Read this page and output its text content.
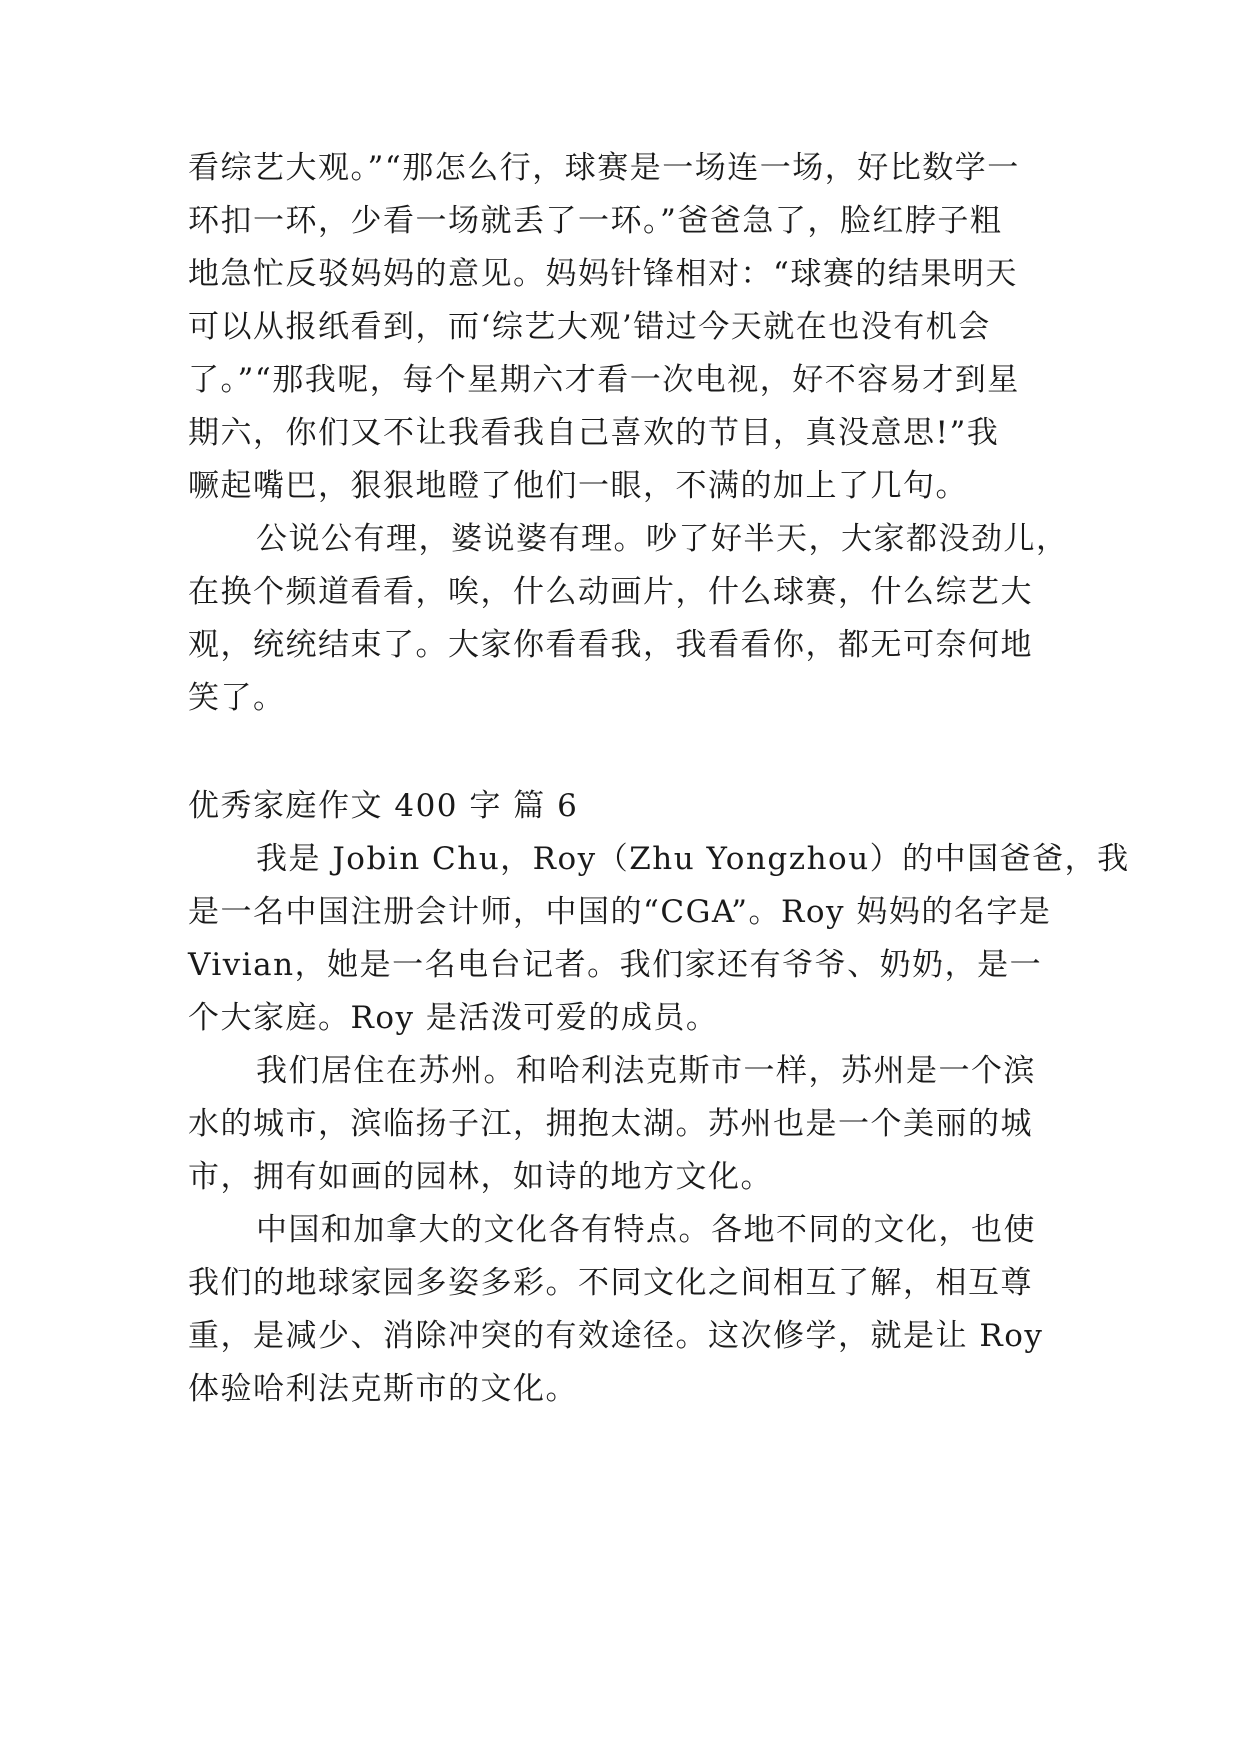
看综艺大观。”“那怎么行，球赛是一场连一场，好比数学一
环扣一环，少看一场就丢了一环。”爸爸急了，脸红脖子粗
地急忙反驳妈妈的意见。妈妈针锋相对：“球赛的结果明天
可以从报纸看到，而‘综艺大观’错过今天就在也没有机会
了。”“那我呢，每个星期六才看一次电视，好不容易才到星
期六，你们又不让我看我自己喜欢的节目，真没意思!”我
噘起嘴巴，狠狠地瞪了他们一眼，不满的加上了几句。
公说公有理，婆说婆有理。吵了好半天，大家都没劲儿，
在换个频道看看，唉，什么动画片，什么球赛，什么综艺大
观，统统结束了。大家你看看我，我看看你，都无可奈何地
笑了。
优秀家庭作文 400 字 篇 6
我是 Jobin Chu，Roy（Zhu Yongzhou）的中国爸爸，我
是一名中国注册会计师，中国的“CGA”。Roy 妈妈的名字是
Vivian，她是一名电台记者。我们家还有爷爷、奶奶，是一
个大家庭。Roy 是活泼可爱的成员。
我们居住在苏州。和哈利法克斯市一样，苏州是一个滨
水的城市，滨临扬子江，拥抱太湖。苏州也是一个美丽的城
市，拥有如画的园林，如诗的地方文化。
中国和加拿大的文化各有特点。各地不同的文化，也使
我们的地球家园多姿多彩。不同文化之间相互了解，相互尊
重，是减少、消除冲突的有效途径。这次修学，就是让 Roy
体验哈利法克斯市的文化。
